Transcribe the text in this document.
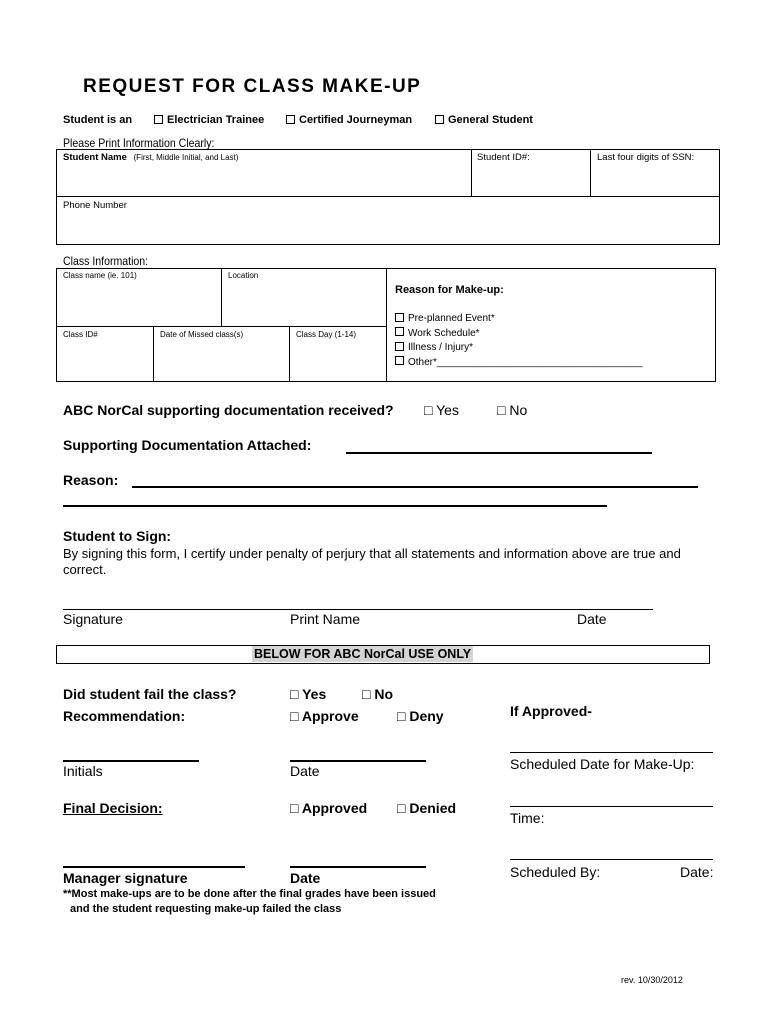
REQUEST FOR CLASS MAKE-UP
Student is an	Electrician Trainee	Certified Journeyman	General Student
Please Print Information Clearly:
Student Name (First, Middle Initial, and Last)	Student ID#:	Last four digits of SSN:
Phone Number
Class Information:
Class name (ie. 101)	Location
Class ID#	Date of Missed class(s)	Class Day (1-14)
Reason for Make-up:
Pre-planned Event*
Work Schedule*
Illness / Injury*
Other*_____________________________________
ABC NorCal supporting documentation received? □ Yes	□ No
Supporting Documentation Attached:
Reason:
Student to Sign:
By signing this form, I certify under penalty of perjury that all statements and information above are true and correct.
Signature	Print Name	Date
BELOW FOR ABC NorCal USE ONLY
Did student fail the class?	□ Yes	□ No
Recommendation:	□ Approve	□ Deny	If Approved-
Initials	Date	Scheduled Date for Make-Up:
Final Decision:	□ Approved □ Denied
Time:
Manager signature	Date	Scheduled By:	Date:
**Most make-ups are to be done after the final grades have been issued
and the student requesting make-up failed the class
rev. 10/30/2012
